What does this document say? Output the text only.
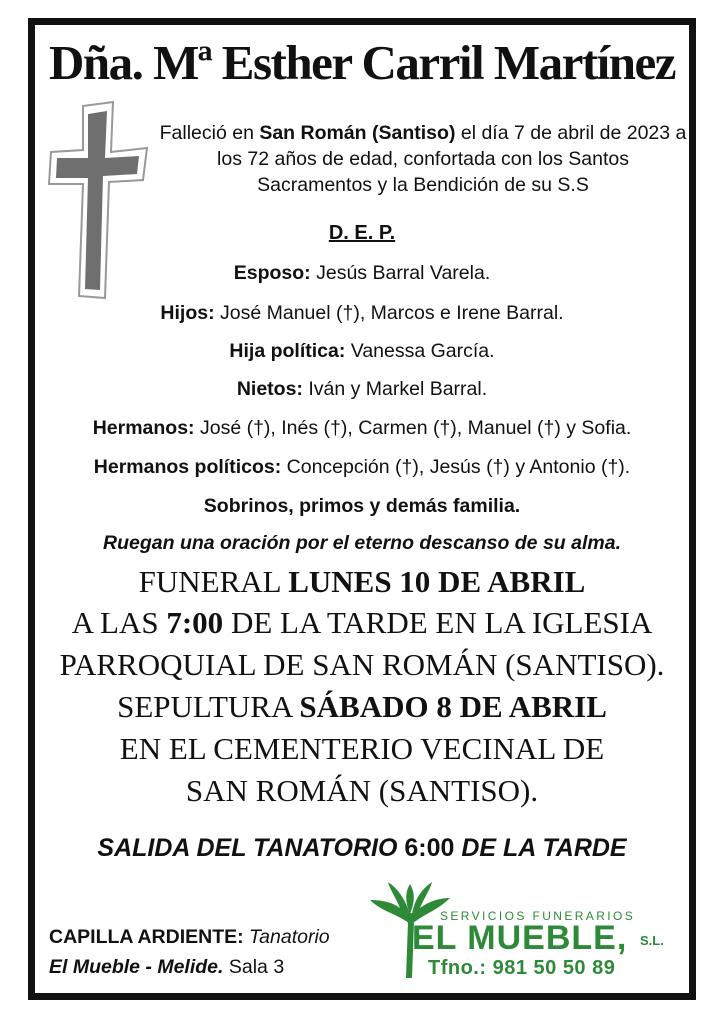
Dña. Mª Esther Carril Martínez
Falleció en San Román (Santiso) el día 7 de abril de 2023 a los 72 años de edad, confortada con los Santos Sacramentos y la Bendición de su S.S
D. E. P.
Esposo: Jesús Barral Varela.
Hijos: José Manuel (†), Marcos e Irene Barral.
Hija política: Vanessa García.
Nietos: Iván y Markel Barral.
Hermanos: José (†), Inés (†), Carmen (†), Manuel (†) y Sofia.
Hermanos políticos: Concepción (†), Jesús (†) y Antonio (†).
Sobrinos, primos y demás familia.
Ruegan una oración por el eterno descanso de su alma.
FUNERAL LUNES 10 DE ABRIL
A LAS 7:00 DE LA TARDE EN LA IGLESIA
PARROQUIAL DE SAN ROMÁN (SANTISO).
SEPULTURA SÁBADO 8 DE ABRIL
EN EL CEMENTERIO VECINAL DE
SAN ROMÁN (SANTISO).
SALIDA DEL TANATORIO 6:00 DE LA TARDE
CAPILLA ARDIENTE: Tanatorio
El Mueble - Melide. Sala 3
SERVICIOS FUNERARIOS
EL MUEBLE, S.L.
Tfno.: 981 50 50 89
